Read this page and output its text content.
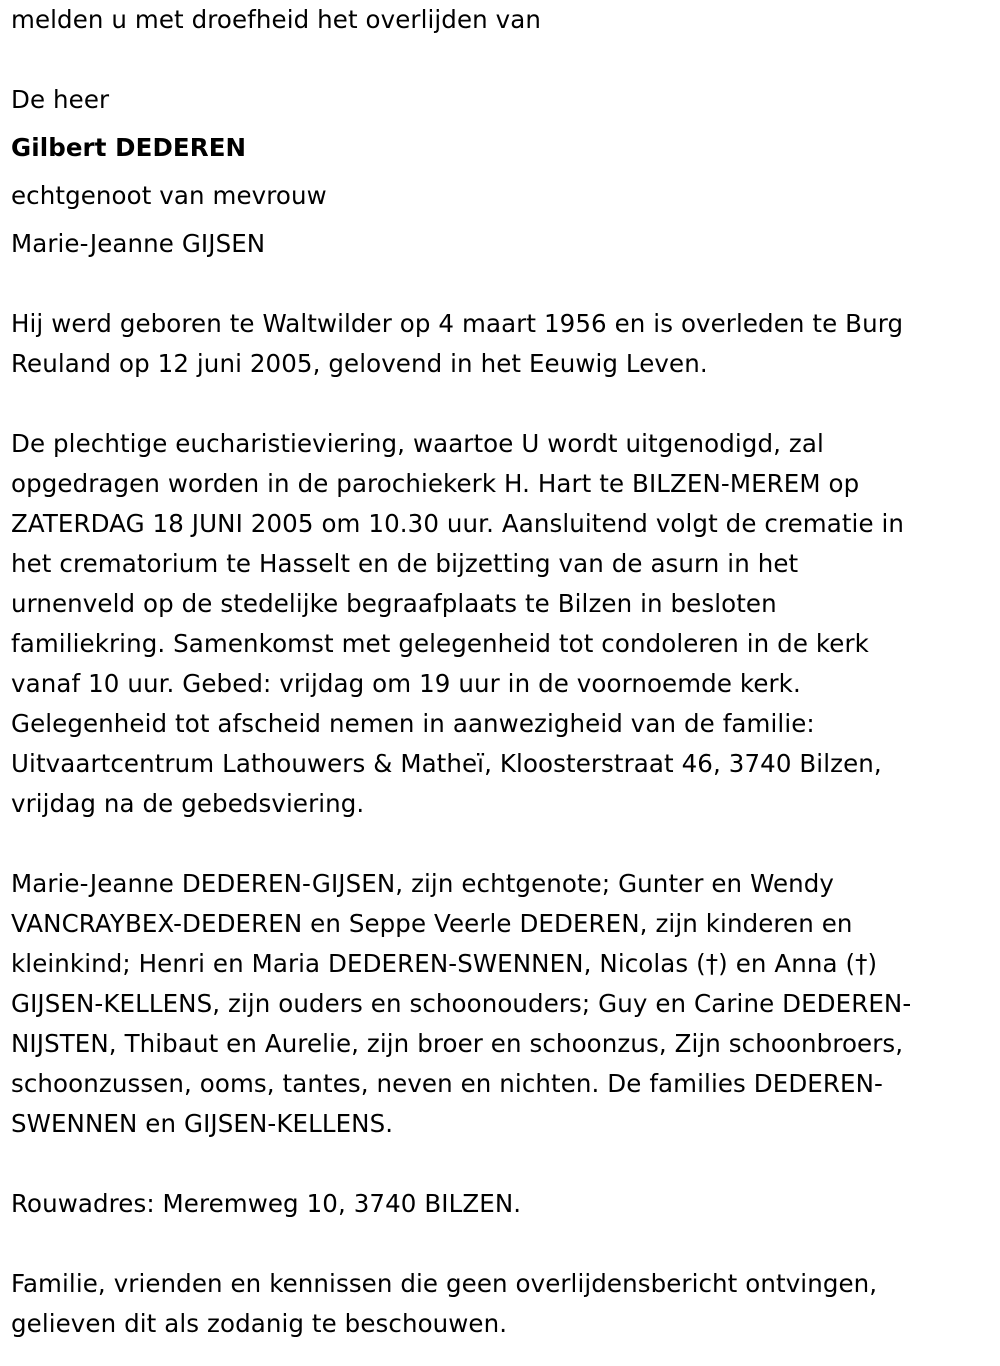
melden u met droefheid het overlijden van
De heer
Gilbert DEDEREN
echtgenoot van mevrouw
Marie-Jeanne GIJSEN
Hij werd geboren te Waltwilder op 4 maart 1956 en is overleden te Burg
Reuland op 12 juni 2005, gelovend in het Eeuwig Leven.
De plechtige eucharistieviering, waartoe U wordt uitgenodigd, zal
opgedragen worden in de parochiekerk H. Hart te BILZEN-MEREM op
ZATERDAG 18 JUNI 2005 om 10.30 uur. Aansluitend volgt de crematie in
het crematorium te Hasselt en de bijzetting van de asurn in het
urnenveld op de stedelijke begraafplaats te Bilzen in besloten
familiekring. Samenkomst met gelegenheid tot condoleren in de kerk
vanaf 10 uur. Gebed: vrijdag om 19 uur in de voornoemde kerk.
Gelegenheid tot afscheid nemen in aanwezigheid van de familie:
Uitvaartcentrum Lathouwers & Matheï, Kloosterstraat 46, 3740 Bilzen,
vrijdag na de gebedsviering.
Marie-Jeanne DEDEREN-GIJSEN, zijn echtgenote; Gunter en Wendy
VANCRAYBEX-DEDEREN en Seppe Veerle DEDEREN, zijn kinderen en
kleinkind; Henri en Maria DEDEREN-SWENNEN, Nicolas (†) en Anna (†)
GIJSEN-KELLENS, zijn ouders en schoonouders; Guy en Carine DEDEREN-
NIJSTEN, Thibaut en Aurelie, zijn broer en schoonzus, Zijn schoonbroers,
schoonzussen, ooms, tantes, neven en nichten. De families DEDEREN-
SWENNEN en GIJSEN-KELLENS.
Rouwadres: Meremweg 10, 3740 BILZEN.
Familie, vrienden en kennissen die geen overlijdensbericht ontvingen,
gelieven dit als zodanig te beschouwen.
